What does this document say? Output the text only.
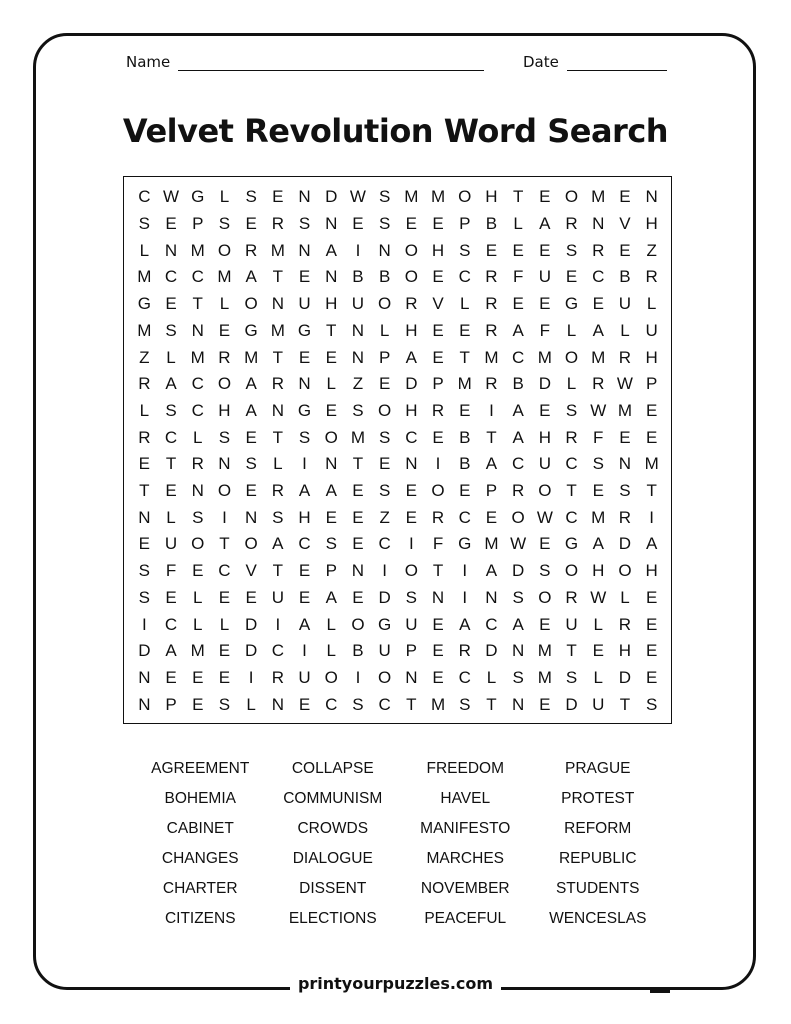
Name	Date
Velvet Revolution Word Search
C W G L S E N D W S M M O H T E O M E N
S E P S E R S N E S E E P B L A R N V H
L N M O R M N A	I	N O H S E E E S R E Z
M C C M A T E N B B O E C R F U E C B R
G E T L O N U H U O R V L R E E G E U L
M S N E G M G T N L H E E R A F L A L U
Z L M R M T E E N P A E T M C M O M R H
R A C O A R N L Z E D P M R B D L R W P
L S C H A N G E S O H R E	I	A E S W M E
R C L S E T S O M S C E B T A H R F E E
E T R N S L	I	N T E N	I	B A C U C S N M
T E N O E R A A E S E O E P R O T E S T
N L S	I	N S H E E Z E R C E O W C M R	I
E U O T O A C S E C	I	F G M W E G A D A
S F E C V T E P N	I	O T	I	A D S O H O H
S E L E E U E A E D S N	I	N S O R W L E
I	C L	L D	I	A L O G U E A C A E U L R E
D A M E D C	I	L B U P E R D N M T E H E
N E E E	I	R U O	I	O N E C L S M S L D E
N P E S L N E C S C T M S T N E D U T S
AGREEMENT	COLLAPSE	FREEDOM	PRAGUE
BOHEMIA	COMMUNISM	HAVEL	PROTEST
CABINET	CROWDS	MANIFESTO	REFORM
CHANGES	DIALOGUE	MARCHES	REPUBLIC
CHARTER	DISSENT	NOVEMBER	STUDENTS
CITIZENS	ELECTIONS	PEACEFUL	WENCESLAS
printyourpuzzles.com
